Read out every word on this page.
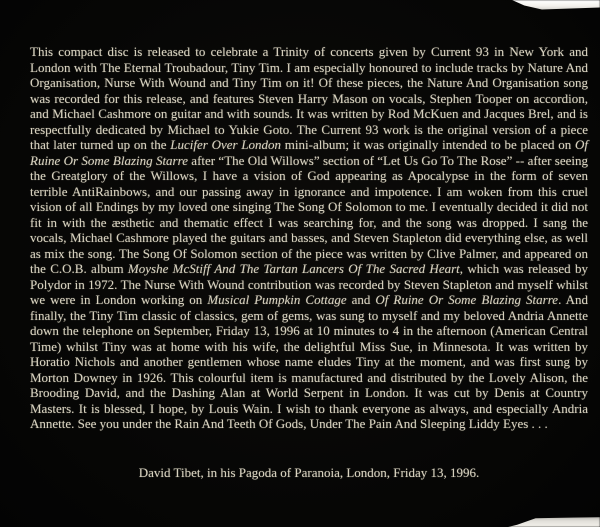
This compact disc is released to celebrate a Trinity of concerts given by Current 93 in New York and London with The Eternal Troubadour, Tiny Tim. I am especially honoured to include tracks by Nature And Organisation, Nurse With Wound and Tiny Tim on it! Of these pieces, the Nature And Organisation song was recorded for this release, and features Steven Harry Mason on vocals, Stephen Tooper on accordion, and Michael Cashmore on guitar and with sounds. It was written by Rod McKuen and Jacques Brel, and is respectfully dedicated by Michael to Yukie Goto. The Current 93 work is the original version of a piece that later turned up on the Lucifer Over London mini-album; it was originally intended to be placed on Of Ruine Or Some Blazing Starre after “The Old Willows” section of “Let Us Go To The Rose” -- after seeing the Greatglory of the Willows, I have a vision of God appearing as Apocalypse in the form of seven terrible AntiRainbows, and our passing away in ignorance and impotence. I am woken from this cruel vision of all Endings by my loved one singing The Song Of Solomon to me. I eventually decided it did not fit in with the æsthetic and thematic effect I was searching for, and the song was dropped. I sang the vocals, Michael Cashmore played the guitars and basses, and Steven Stapleton did everything else, as well as mix the song. The Song Of Solomon section of the piece was written by Clive Palmer, and appeared on the C.O.B. album Moyshe McStiff And The Tartan Lancers Of The Sacred Heart, which was released by Polydor in 1972. The Nurse With Wound contribution was recorded by Steven Stapleton and myself whilst we were in London working on Musical Pumpkin Cottage and Of Ruine Or Some Blazing Starre. And finally, the Tiny Tim classic of classics, gem of gems, was sung to myself and my beloved Andria Annette down the telephone on September, Friday 13, 1996 at 10 minutes to 4 in the afternoon (American Central Time) whilst Tiny was at home with his wife, the delightful Miss Sue, in Minnesota. It was written by Horatio Nichols and another gentlemen whose name eludes Tiny at the moment, and was first sung by Morton Downey in 1926. This colourful item is manufactured and distributed by the Lovely Alison, the Brooding David, and the Dashing Alan at World Serpent in London. It was cut by Denis at Country Masters. It is blessed, I hope, by Louis Wain. I wish to thank everyone as always, and especially Andria Annette. See you under the Rain And Teeth Of Gods, Under The Pain And Sleeping Liddy Eyes . . .
David Tibet, in his Pagoda of Paranoia, London, Friday 13, 1996.
